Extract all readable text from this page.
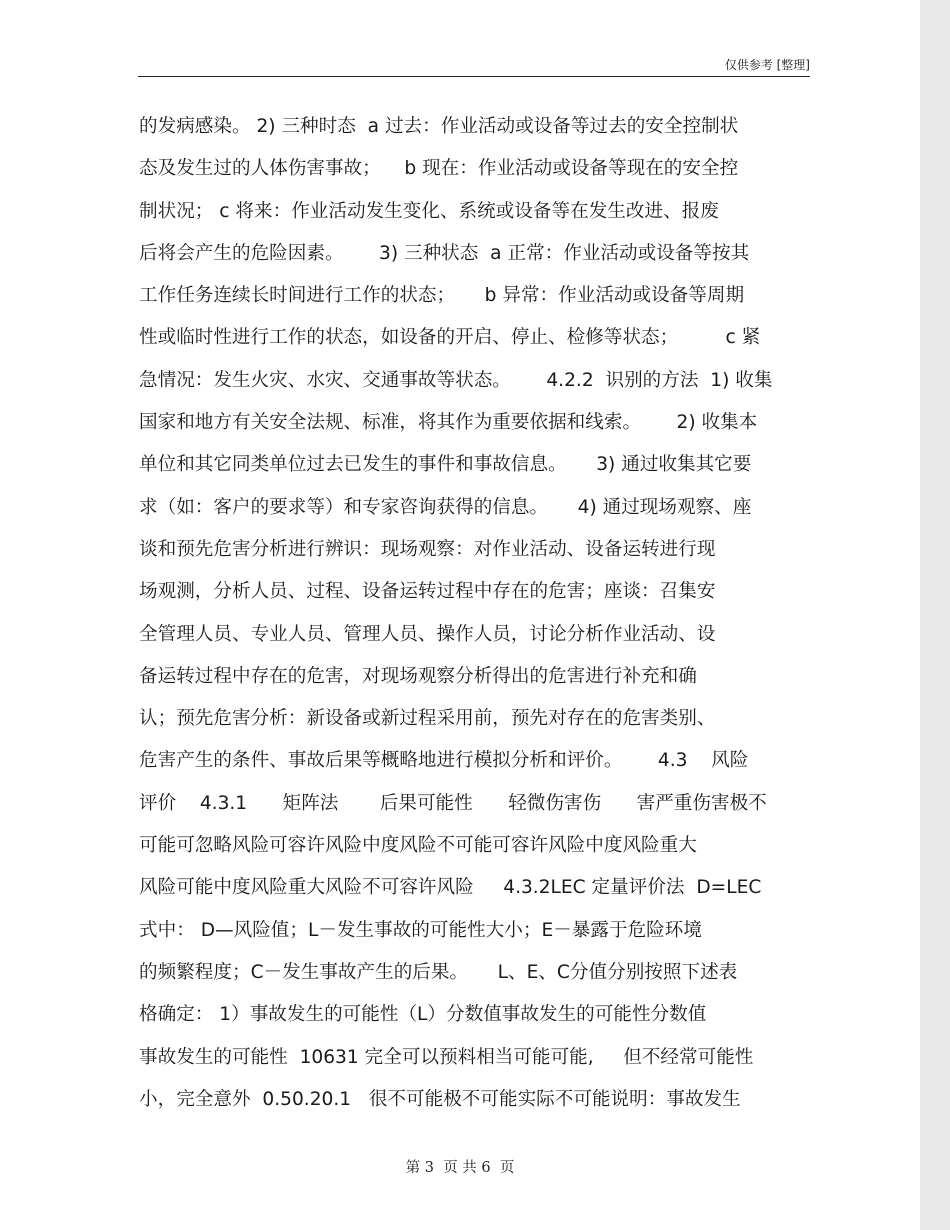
仅供参考 [整理]
的发病感染。 2) 三种时态  a 过去：作业活动或设备等过去的安全控制状
态及发生过的人体伤害事故；    b 现在：作业活动或设备等现在的安全控
制状况； c 将来：作业活动发生变化、系统或设备等在发生改进、报废
后将会产生的危险因素。      3) 三种状态  a 正常：作业活动或设备等按其
工作任务连续长时间进行工作的状态；     b 异常：作业活动或设备等周期
性或临时性进行工作的状态，如设备的开启、停止、检修等状态；        c 紧
急情况：发生火灾、水灾、交通事故等状态。      4.2.2  识别的方法  1) 收集
国家和地方有关安全法规、标准，将其作为重要依据和线索。      2) 收集本
单位和其它同类单位过去已发生的事件和事故信息。     3) 通过收集其它要
求（如：客户的要求等）和专家咨询获得的信息。     4) 通过现场观察、座
谈和预先危害分析进行辨识：现场观察：对作业活动、设备运转进行现
场观测，分析人员、过程、设备运转过程中存在的危害；座谈：召集安
全管理人员、专业人员、管理人员、操作人员，讨论分析作业活动、设
备运转过程中存在的危害，对现场观察分析得出的危害进行补充和确
认；预先危害分析：新设备或新过程采用前，预先对存在的危害类别、
危害产生的条件、事故后果等概略地进行模拟分析和评价。      4.3    风险
评价    4.3.1      矩阵法       后果可能性      轻微伤害伤      害严重伤害极不
可能可忽略风险可容许风险中度风险不可能可容许风险中度风险重大
风险可能中度风险重大风险不可容许风险     4.3.2LEC 定量评价法  D=LEC
式中： D—风险值；L－发生事故的可能性大小；E－暴露于危险环境
的频繁程度；C－发生事故产生的后果。     L、E、C分值分别按照下述表
格确定： 1）事故发生的可能性（L）分数值事故发生的可能性分数值
事故发生的可能性  10631 完全可以预料相当可能可能,     但不经常可能性
小，完全意外  0.50.20.1   很不可能极不可能实际不可能说明：事故发生
第 3  页 共 6  页
